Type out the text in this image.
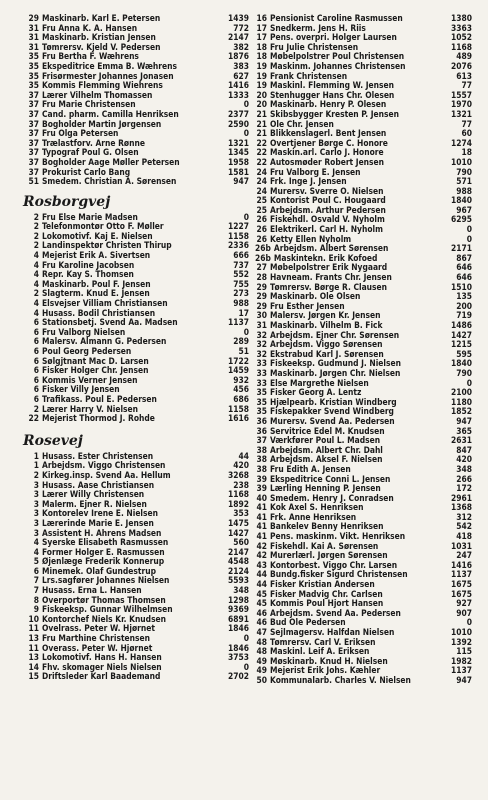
29 Maskinarb. Karl E. Petersen	1439
31 Fru Anna K. A. Hansen	772
31 Maskinarb. Kristian Jensen	2147
31 Tømrersv. Kjeld V. Pedersen	382
35 Fru Bertha F. Wæhrens	1876
35 Ekspeditrice Emma B. Wæhrens	383
35 Frisørmester Johannes Jonasen	627
35 Kommis Flemming Wiehrens	1416
37 Lærer Vilhelm Thomassen	1333
37 Fru Marie Christensen	0
37 Cand. pharm. Camilla Henriksen	2377
37 Bogholder Martin Jørgensen	2590
37 Fru Olga Petersen	0
37 Trælastforv. Arne Rønne	1321
37 Typograf Poul G. Olsen	1345
37 Bogholder Aage Møller Petersen	1958
37 Prokurist Carlo Bang	1581
51 Smedem. Christian A. Sørensen	947
Rosborgvej
2 Fru Else Marie Madsen	0
2 Telefonmontør Otto F. Møller	1227
2 Lokomotivf. Kaj E. Nielsen	1158
2 Landinspektør Christen Thirup	2336
4 Mejerist Erik A. Sivertsen	666
4 Fru Karoline Jacobsen	737
4 Repr. Kay S. Thomsen	552
4 Maskinarb. Poul F. Jensen	755
2 Slagterm. Knud E. Jensen	273
4 Elsvejser Villiam Christiansen	988
4 Husass. Bodil Christiansen	17
6 Stationsbetj. Svend Aa. Madsen	1137
6 Fru Valborg Nielsen	0
6 Malersv. Almann G. Pedersen	289
6 Poul Georg Pedersen	51
6 Sølgjtnant Mac D. Larsen	1722
6 Fisker Holger Chr. Jensen	1459
6 Kommis Verner Jensen	932
6 Fisker Villy Jensen	456
6 Trafikass. Poul E. Pedersen	686
2 Lærer Harry V. Nielsen	1158
22 Mejerist Thormod J. Rohde	1616
Rosevej
1 Husass. Ester Christensen	44
1 Arbejdsm. Viggo Christensen	420
2 Kirkeg.insp. Svend Aa. Hellum	3268
3 Husass. Aase Christiansen	238
3 Lærer Willy Christensen	1168
3 Malerm. Ejner R. Nielsen	1892
3 Kontorelev Irene E. Nielsen	353
3 Lærerinde Marie E. Jensen	1475
3 Assistent H. Ahrens Madsen	1427
4 Syerske Elisabeth Rasmussen	560
4 Former Holger E. Rasmussen	2147
5 Øjenlæge Frederik Konnerup	4548
6 Minemek. Olaf Gundestrup	2124
7 Lrs.sagfører Johannes Nielsen	5593
7 Husass. Erna L. Hansen	348
8 Overportør Thomas Thomsen	1298
9 Fiskeeksp. Gunnar Wilhelmsen	9369
10 Kontorchef Niels Kr. Knudsen	6891
11 Ovelrass. Peter W. Hjørnet	1846
13 Fru Marthine Christensen	0
11 Overass. Peter W. Hjørnet	1846
13 Lokomotivf. Hans H. Hansen	3753
14 Fhv. skomager Niels Nielsen	0
15 Driftsleder Karl Baademand	2702
16 Pensionist Caroline Rasmussen	1380
17 Snedkerm. Jens H. Riis	3363
17 Pens. overpri. Holger Laursen	1052
18 Fru Julie Christensen	1168
18 Møbelpolstrer Poul Christensen	489
19 Maskinm. Johannes Christensen	2076
19 Frank Christensen	613
19 Maskinl. Flemming W. Jensen	77
20 Stenhugger Hans Chr. Olesen	1557
20 Maskinarb. Henry P. Olesen	1970
21 Skibsbygger Kresten P. Jensen	1321
21 Ole Chr. Jensen	77
21 Blikkenslagerl. Bent Jensen	60
22 Overtjener Børge C. Honore	1274
22 Maskin.arl. Carlo J. Honore	18
22 Autosmøder Robert Jensen	1010
24 Fru Valborg E. Jensen	790
24 Frk. Inge J. Jensen	571
24 Murersv. Sverre O. Nielsen	988
25 Kontorist Poul C. Hougaard	1840
25 Arbejdsm. Arthur Pedersen	967
26 Fiskehdl. Osvald V. Nyholm	6295
26 Elektrikerl. Carl H. Nyholm	0
26 Ketty Ellen Nyholm	0
26b Arbejdsm. Albert Sørensen	2171
26b Maskintekn. Erik Kofoed	867
27 Møbelpolstrer Erik Nygaard	646
28 Havneam. Frants Chr. Jensen	646
29 Tømrersv. Børge R. Clausen	1510
29 Maskinarb. Ole Olsen	135
29 Fru Esther Jensen	200
30 Malersv. Jørgen Kr. Jensen	719
31 Maskinarb. Vilhelm B. Fick	1486
32 Arbejdsm. Ejner Chr. Sørensen	1427
32 Arbejdsm. Viggo Sørensen	1215
32 Ekstrabud Karl J. Sørensen	595
33 Fiskeeksp. Gudmund J. Nielsen	1840
33 Maskinarb. Jørgen Chr. Nielsen	790
33 Else Margrethe Nielsen	0
35 Fisker Georg A. Lentz	2100
35 Hjælpearb. Kristian Windberg	1180
35 Fiskepakker Svend Windberg	1852
36 Murersv. Svend Aa. Pedersen	947
36 Servitrice Edel M. Knudsen	365
37 Værkfører Poul L. Madsen	2631
38 Arbejdsm. Albert Chr. Dahl	847
38 Arbejdsm. Aksel F. Nielsen	420
38 Fru Edith A. Jensen	348
39 Ekspeditrice Conni L. Jensen	266
39 Lærling Henning P. Jensen	172
40 Smedem. Henry J. Conradsen	2961
41 Kok Axel S. Henriksen	1368
41 Frk. Anne Henriksen	312
41 Bankelev Benny Henriksen	542
41 Pens. maskinm. Vikt. Henriksen	418
42 Fiskehdl. Kai A. Sørensen	1031
42 Murerlærl. Jørgen Sørensen	247
43 Kontorbest. Viggo Chr. Larsen	1416
44 Bundg.fisker Sigurd Christensen	1137
44 Fisker Kristian Andersen	1675
45 Fisker Madvig Chr. Carlsen	1675
45 Kommis Poul Hjort Hansen	927
46 Arbejdsm. Svend Aa. Pedersen	907
46 Bud Ole Pedersen	0
47 Sejlmagersv. Halfdan Nielsen	1010
48 Tømrersv. Carl V. Eriksen	1392
48 Maskinl. Leif A. Eriksen	115
49 Møskinarb. Knud H. Nielsen	1982
49 Mejerist Erik Johs. Kæhler	1137
50 Kommunalarb. Charles V. Nielsen	947
